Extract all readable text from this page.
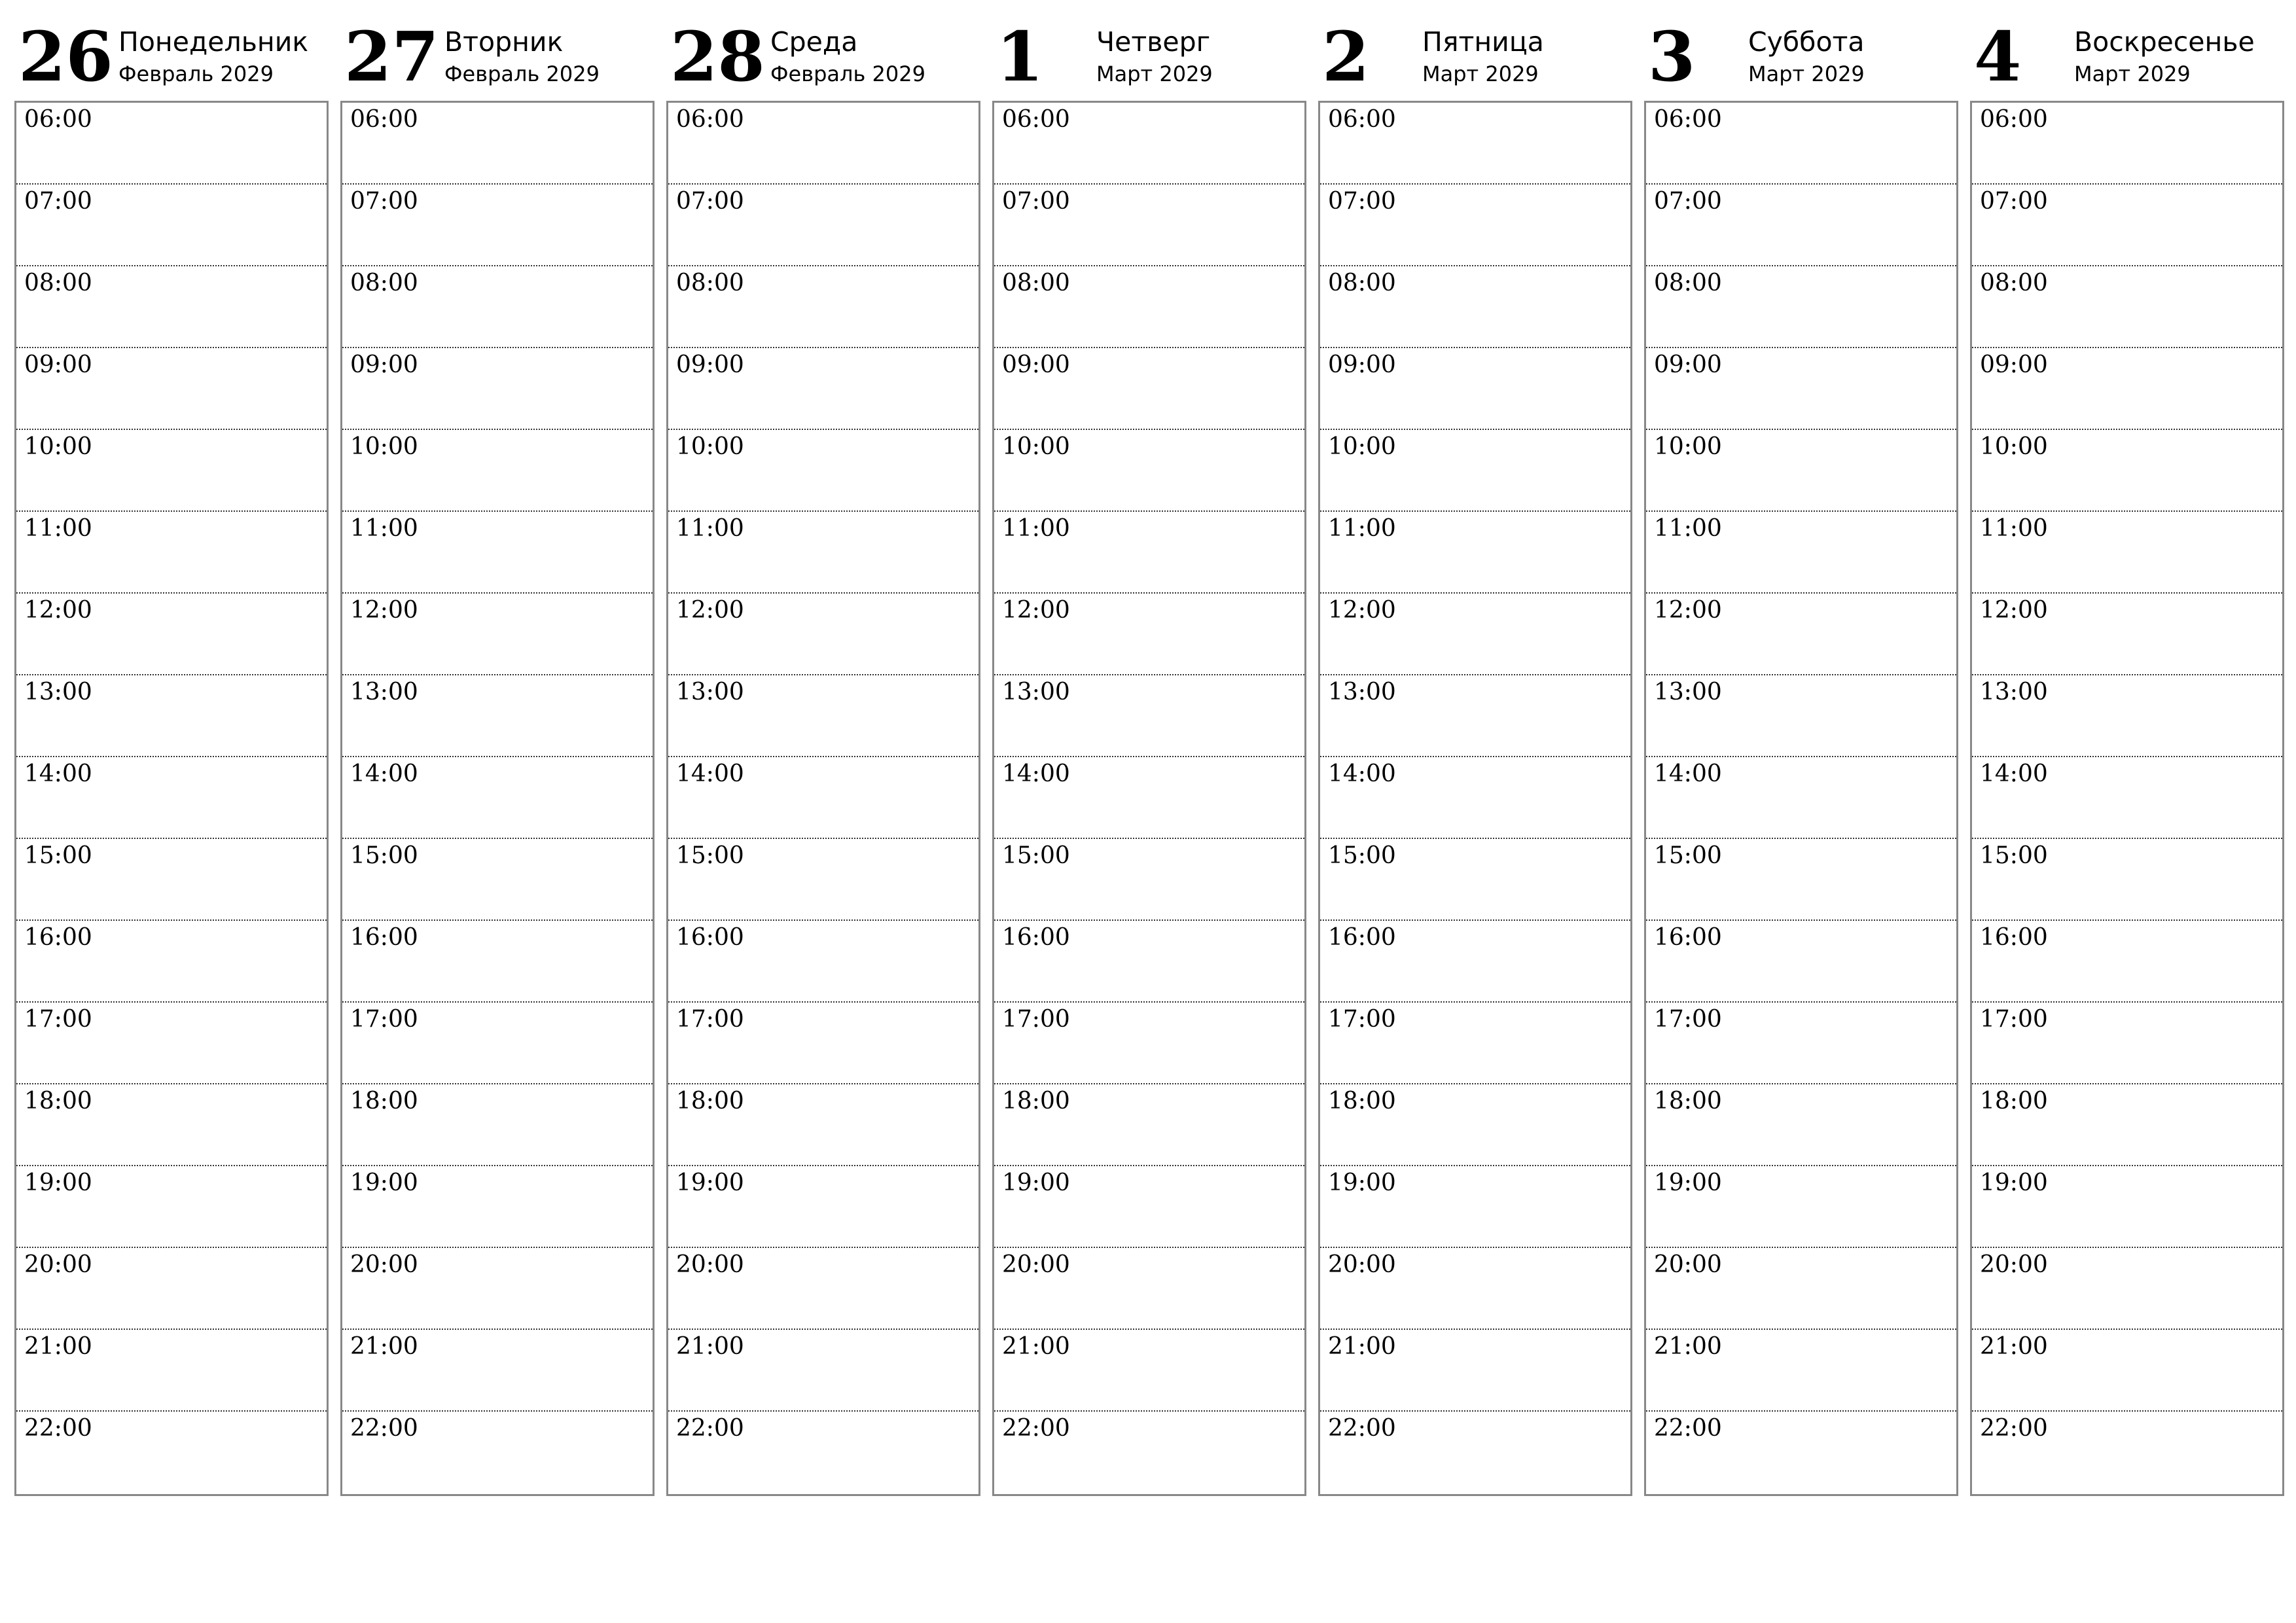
26 Понедельник
Февраль 2029
06:00
07:00
08:00
09:00
10:00
11:00
12:00
13:00
14:00
15:00
16:00
17:00
18:00
19:00
20:00
21:00
22:00
27 Вторник
Февраль 2029
06:00
07:00
08:00
09:00
10:00
11:00
12:00
13:00
14:00
15:00
16:00
17:00
18:00
19:00
20:00
21:00
22:00
28 Среда
Февраль 2029
06:00
07:00
08:00
09:00
10:00
11:00
12:00
13:00
14:00
15:00
16:00
17:00
18:00
19:00
20:00
21:00
22:00
1 Четверг
Март 2029
06:00
07:00
08:00
09:00
10:00
11:00
12:00
13:00
14:00
15:00
16:00
17:00
18:00
19:00
20:00
21:00
22:00
2 Пятница
Март 2029
06:00
07:00
08:00
09:00
10:00
11:00
12:00
13:00
14:00
15:00
16:00
17:00
18:00
19:00
20:00
21:00
22:00
3 Суббота
Март 2029
06:00
07:00
08:00
09:00
10:00
11:00
12:00
13:00
14:00
15:00
16:00
17:00
18:00
19:00
20:00
21:00
22:00
4 Воскресенье
Март 2029
06:00
07:00
08:00
09:00
10:00
11:00
12:00
13:00
14:00
15:00
16:00
17:00
18:00
19:00
20:00
21:00
22:00
